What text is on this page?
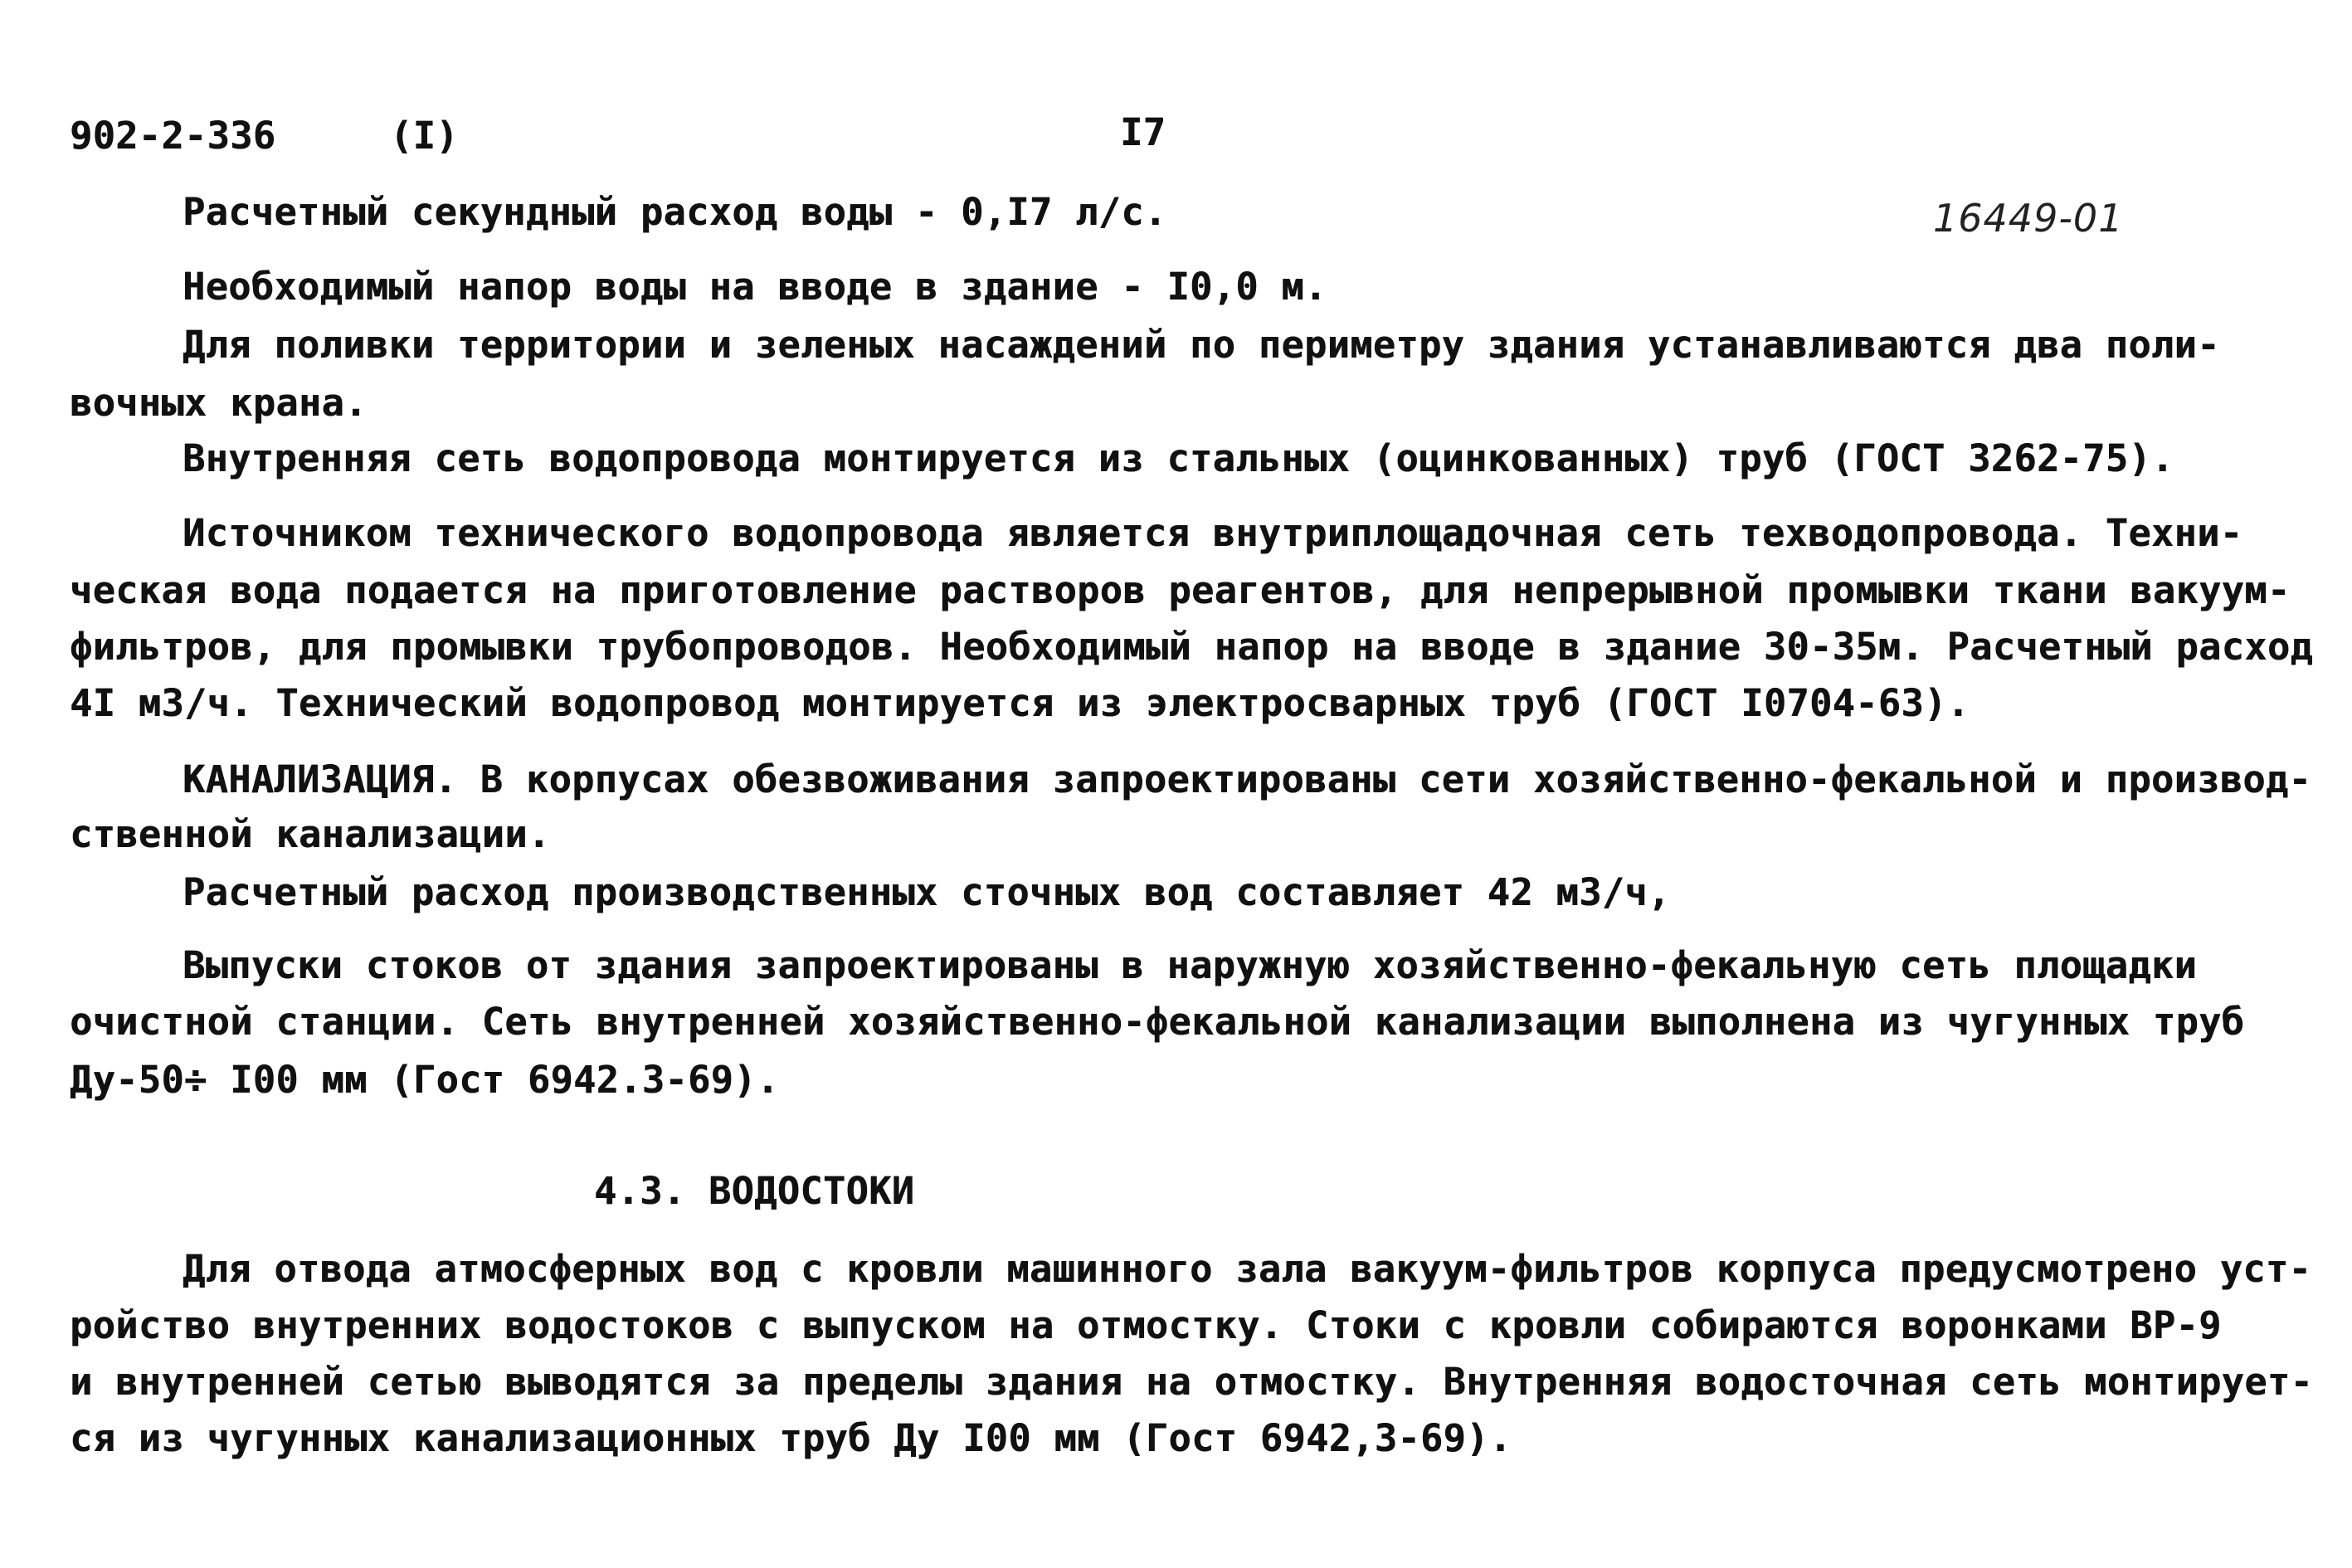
902-2-336	(I)	I7
16449-01
Расчетный секундный расход воды - 0,I7 л/с.
Необходимый напор воды на вводе в здание - I0,0 м.
Для поливки территории и зеленых насаждений по периметру здания устанавливаются два поли-
вочных крана.
Внутренняя сеть водопровода монтируется из стальных (оцинкованных) труб (ГОСТ 3262-75).
Источником технического водопровода является внутриплощадочная сеть техводопровода. Техни-
ческая вода подается на приготовление растворов реагентов, для непрерывной промывки ткани вакуум-
фильтров, для промывки трубопроводов. Необходимый напор на вводе в здание 30-35м. Расчетный расход
4I м3/ч. Технический водопровод монтируется из электросварных труб (ГОСТ I0704-63).
КАНАЛИЗАЦИЯ. В корпусах обезвоживания запроектированы сети хозяйственно-фекальной и производ-
ственной канализации.
Расчетный расход производственных сточных вод составляет 42 м3/ч,
Выпуски стоков от здания запроектированы в наружную хозяйственно-фекальную сеть площадки
очистной станции. Сеть внутренней хозяйственно-фекальной канализации выполнена из чугунных труб
Ду-50÷ I00 мм (Гост 6942.3-69).
4.3. ВОДОСТОКИ
Для отвода атмосферных вод с кровли машинного зала вакуум-фильтров корпуса предусмотрено уст-
ройство внутренних водостоков с выпуском на отмостку. Стоки с кровли собираются воронками ВР-9
и внутренней сетью выводятся за пределы здания на отмостку. Внутренняя водосточная сеть монтирует-
ся из чугунных канализационных труб Ду I00 мм (Гост 6942,3-69).
